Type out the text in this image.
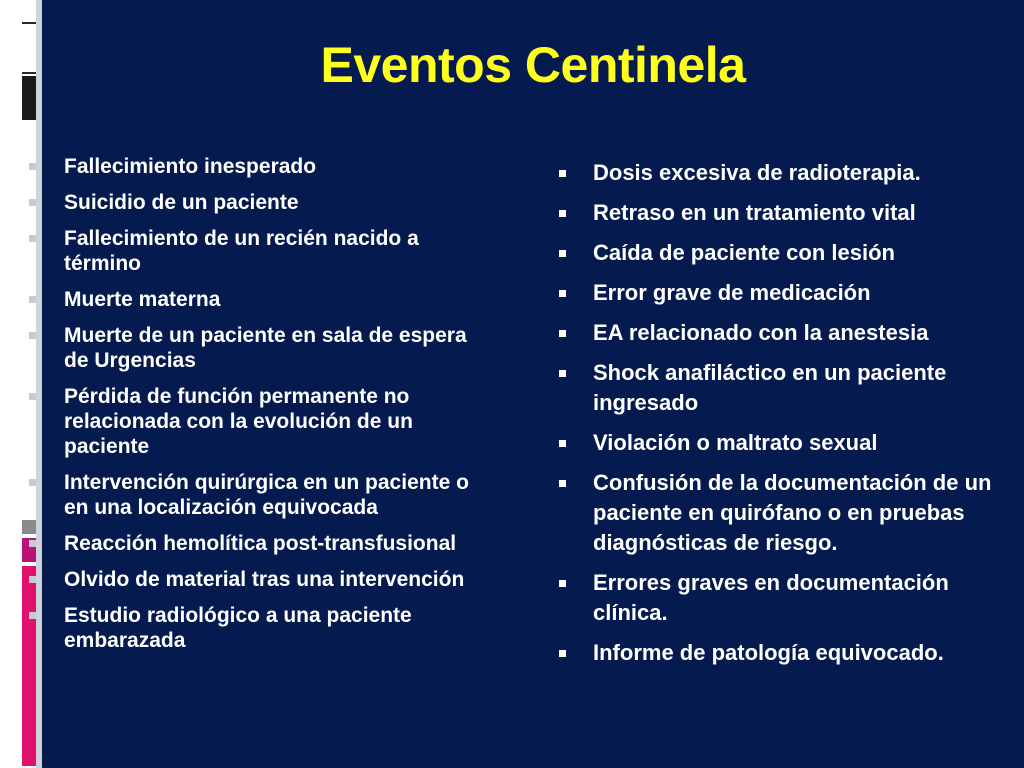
Eventos Centinela
Fallecimiento inesperado
Suicidio de un paciente
Fallecimiento de un recién nacido a término
Muerte materna
Muerte de un paciente en sala de espera de Urgencias
Pérdida de función permanente no relacionada con la evolución de un paciente
Intervención quirúrgica en un paciente o en una localización equivocada
Reacción hemolítica post-transfusional
Olvido de material tras una intervención
Estudio radiológico a una paciente embarazada
Dosis excesiva de radioterapia.
Retraso en un tratamiento vital
Caída de paciente con lesión
Error grave de medicación
EA relacionado con la anestesia
Shock anafiláctico en un paciente ingresado
Violación o maltrato sexual
Confusión de la documentación de un paciente en quirófano o en pruebas diagnósticas de riesgo.
Errores graves en documentación clínica.
Informe de patología equivocado.
